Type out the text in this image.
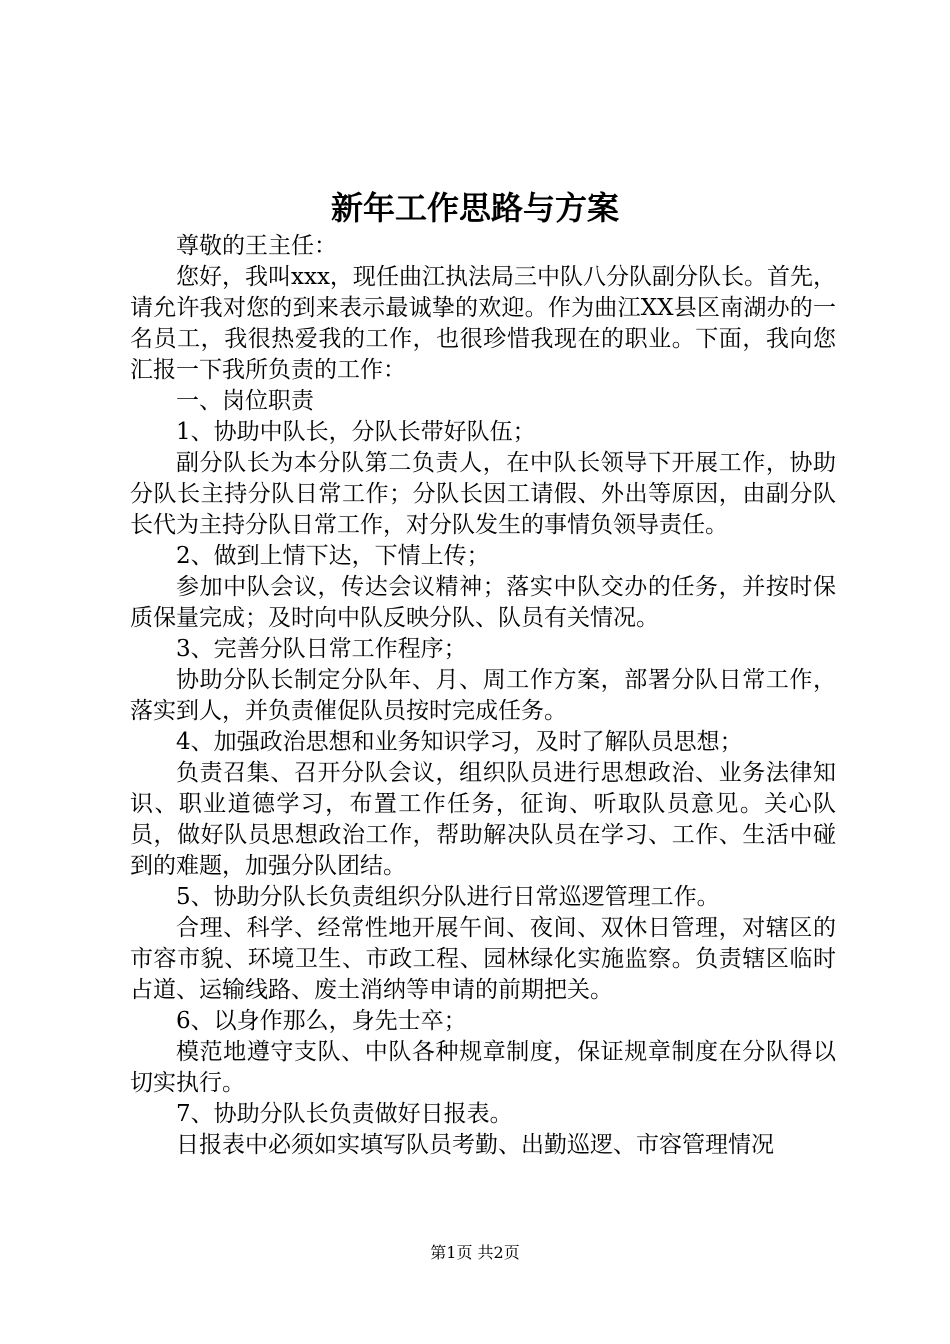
新年工作思路与方案

尊敬的王主任：

您好，我叫xxx，现任曲江执法局三中队八分队副分队长。首先，请允许我对您的到来表示最诚挚的欢迎。作为曲江XX县区南湖办的一名员工，我很热爱我的工作，也很珍惜我现在的职业。下面，我向您汇报一下我所负责的工作：

一、岗位职责

1、协助中队长，分队长带好队伍；

副分队长为本分队第二负责人，在中队长领导下开展工作，协助分队长主持分队日常工作；分队长因工请假、外出等原因，由副分队长代为主持分队日常工作，对分队发生的事情负领导责任。

2、做到上情下达，下情上传；

参加中队会议，传达会议精神；落实中队交办的任务，并按时保质保量完成；及时向中队反映分队、队员有关情况。

3、完善分队日常工作程序；

协助分队长制定分队年、月、周工作方案，部署分队日常工作，落实到人，并负责催促队员按时完成任务。

4、加强政治思想和业务知识学习，及时了解队员思想；

负责召集、召开分队会议，组织队员进行思想政治、业务法律知识、职业道德学习，布置工作任务，征询、听取队员意见。关心队员，做好队员思想政治工作，帮助解决队员在学习、工作、生活中碰到的难题，加强分队团结。

5、协助分队长负责组织分队进行日常巡逻管理工作。

合理、科学、经常性地开展午间、夜间、双休日管理，对辖区的市容市貌、环境卫生、市政工程、园林绿化实施监察。负责辖区临时占道、运输线路、废土消纳等申请的前期把关。

6、以身作那么，身先士卒；

模范地遵守支队、中队各种规章制度，保证规章制度在分队得以切实执行。

7、协助分队长负责做好日报表。

日报表中必须如实填写队员考勤、出勤巡逻、市容管理情况

第1页 共2页
